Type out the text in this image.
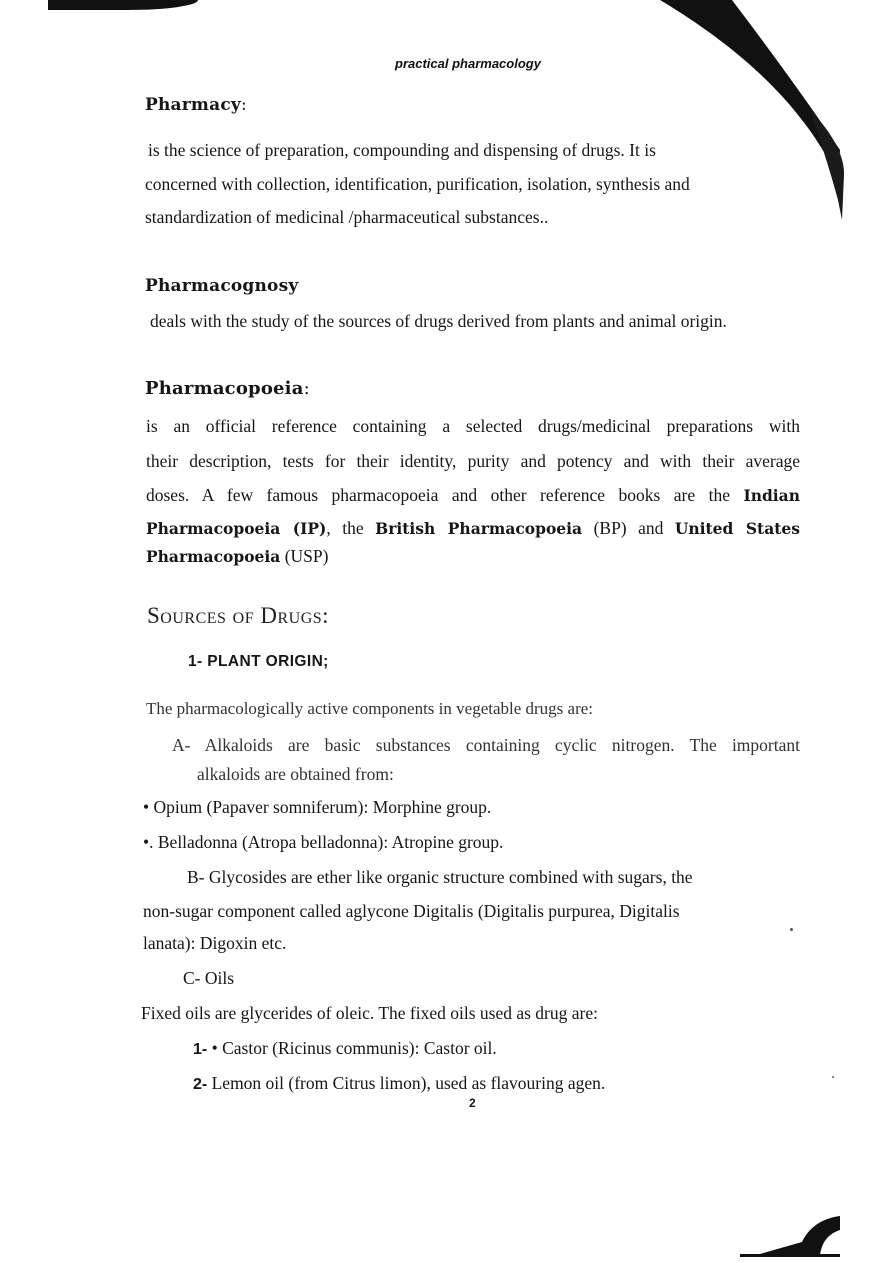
practical pharmacology
Pharmacy:
is the science of preparation, compounding and dispensing of drugs. It is
concerned with collection, identification, purification, isolation, synthesis and
standardization of medicinal /pharmaceutical substances..
Pharmacognosy
deals with the study of the sources of drugs derived from plants and animal origin.
Pharmacopoeia:
is an official reference containing a selected drugs/medicinal preparations with
their description, tests for their identity, purity and potency and with their average
doses. A few famous pharmacopoeia and other reference books are the Indian
Pharmacopoeia (IP), the British Pharmacopoeia (BP) and United States
Pharmacopoeia (USP)
Sources of Drugs:
1- PLANT ORIGIN;
The pharmacologically active components in vegetable drugs are:
A- Alkaloids are basic substances containing cyclic nitrogen. The important
alkaloids are obtained from:
• Opium (Papaver somniferum): Morphine group.
•. Belladonna (Atropa belladonna): Atropine group.
B- Glycosides are ether like organic structure combined with sugars, the
non-sugar component called aglycone Digitalis (Digitalis purpurea, Digitalis
lanata): Digoxin etc.
C- Oils
Fixed oils are glycerides of oleic. The fixed oils used as drug are:
1- • Castor (Ricinus communis): Castor oil.
2- Lemon oil (from Citrus limon), used as flavouring agen.
2
